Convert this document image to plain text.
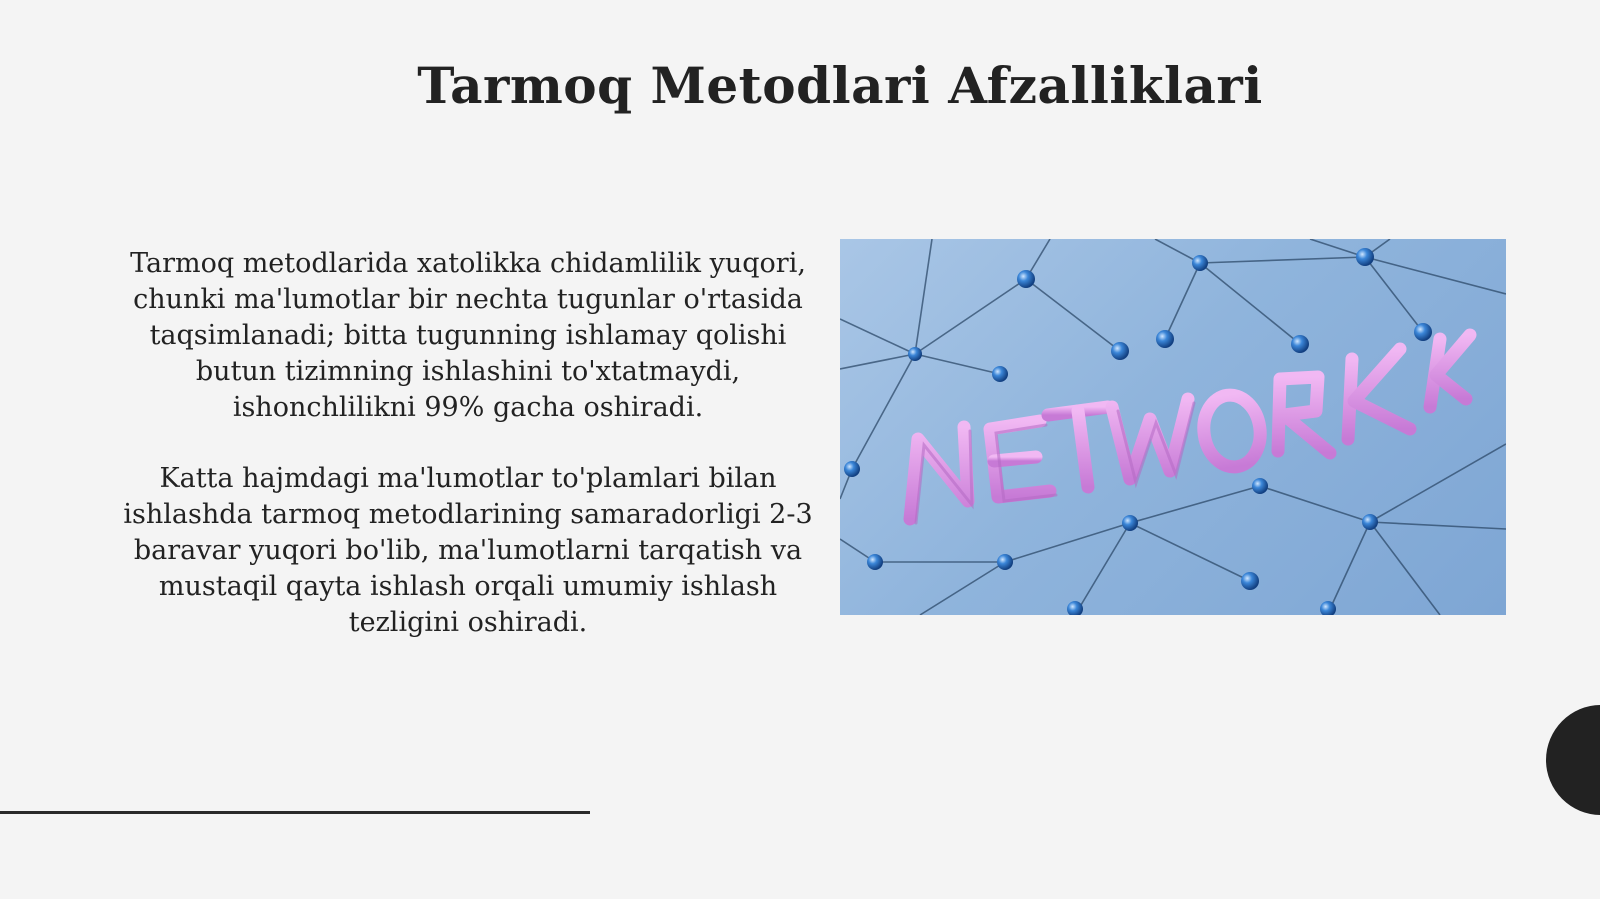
Tarmoq Metodlari Afzalliklari
Tarmoq metodlarida xatolikka chidamlilik yuqori, chunki ma'lumotlar bir nechta tugunlar o'rtasida taqsimlanadi; bitta tugunning ishlamay qolishi butun tizimning ishlashini to'xtatmaydi, ishonchlilikni 99% gacha oshiradi.
Katta hajmdagi ma'lumotlar to'plamlari bilan ishlashda tarmoq metodlarining samaradorligi 2-3 baravar yuqori bo'lib, ma'lumotlarni tarqatish va mustaqil qayta ishlash orqali umumiy ishlash tezligini oshiradi.
